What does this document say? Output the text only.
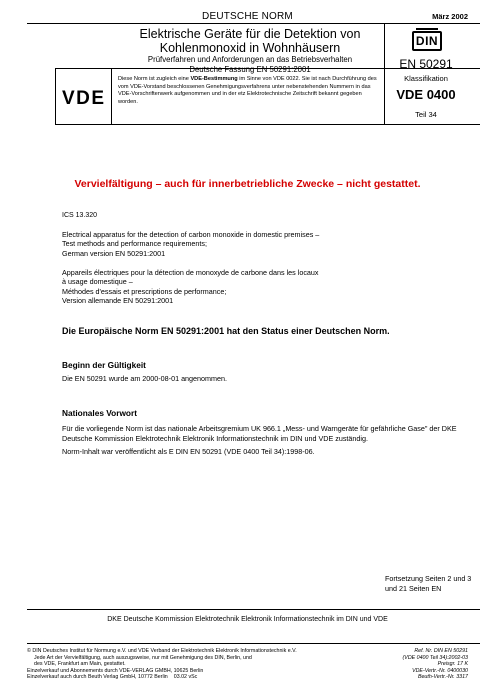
DEUTSCHE NORM	März 2002
Elektrische Geräte für die Detektion von
Kohlenmonoxid in Wohnhäusern
Prüfverfahren und Anforderungen an das Betriebsverhalten
Deutsche Fassung EN 50291:2001
DIN
EN 50291
VDE
Diese Norm ist zugleich eine VDE-Bestimmung im Sinne von VDE 0022. Sie ist nach Durchführung des vom VDE-Vorstand beschlossenen Genehmigungsverfahrens unter nebenstehenden Nummern in das VDE-Vorschriftenwerk aufgenommen und in der etz Elektrotechnische Zeitschrift bekannt gegeben worden.
Klassifikation
VDE 0400
Teil 34
Vervielfältigung – auch für innerbetriebliche Zwecke – nicht gestattet.
ICS 13.320
Electrical apparatus for the detection of carbon monoxide in domestic premises –
Test methods and performance requirements;
German version EN 50291:2001
Appareils électriques pour la détection de monoxyde de carbone dans les locaux
à usage domestique –
Méthodes d'essais et prescriptions de performance;
Version allemande EN 50291:2001
Die Europäische Norm EN 50291:2001 hat den Status einer Deutschen Norm.
Beginn der Gültigkeit
Die EN 50291 wurde am 2000-08-01 angenommen.
Nationales Vorwort
Für die vorliegende Norm ist das nationale Arbeitsgremium UK 966.1 „Mess- und Warngeräte für gefährliche Gase" der DKE Deutsche Kommission Elektrotechnik Elektronik Informationstechnik im DIN und VDE zuständig.
Norm-Inhalt war veröffentlicht als E DIN EN 50291 (VDE 0400 Teil 34):1998-06.
Fortsetzung Seiten 2 und 3
und 21 Seiten EN
DKE Deutsche Kommission Elektrotechnik Elektronik Informationstechnik im DIN und VDE
© DIN Deutsches Institut für Normung e.V. und VDE Verband der Elektrotechnik Elektronik Informationstechnik e.V.
Jede Art der Vervielfältigung, auch auszugsweise, nur mit Genehmigung des DIN, Berlin, und
des VDE, Frankfurt am Main, gestattet.
Einzelverkauf und Abonnements durch VDE-VERLAG GMBH, 10625 Berlin
Einzelverkauf auch durch Beuth Verlag GmbH, 10772 Berlin 03.02 vSc
Ref. Nr. DIN EN 50291
(VDE 0400 Teil 34):2002-03
Preisgr. 17 K
VDE-Vertr.-Nr. 0400030
Beuth-Vertr.-Nr. 3317
